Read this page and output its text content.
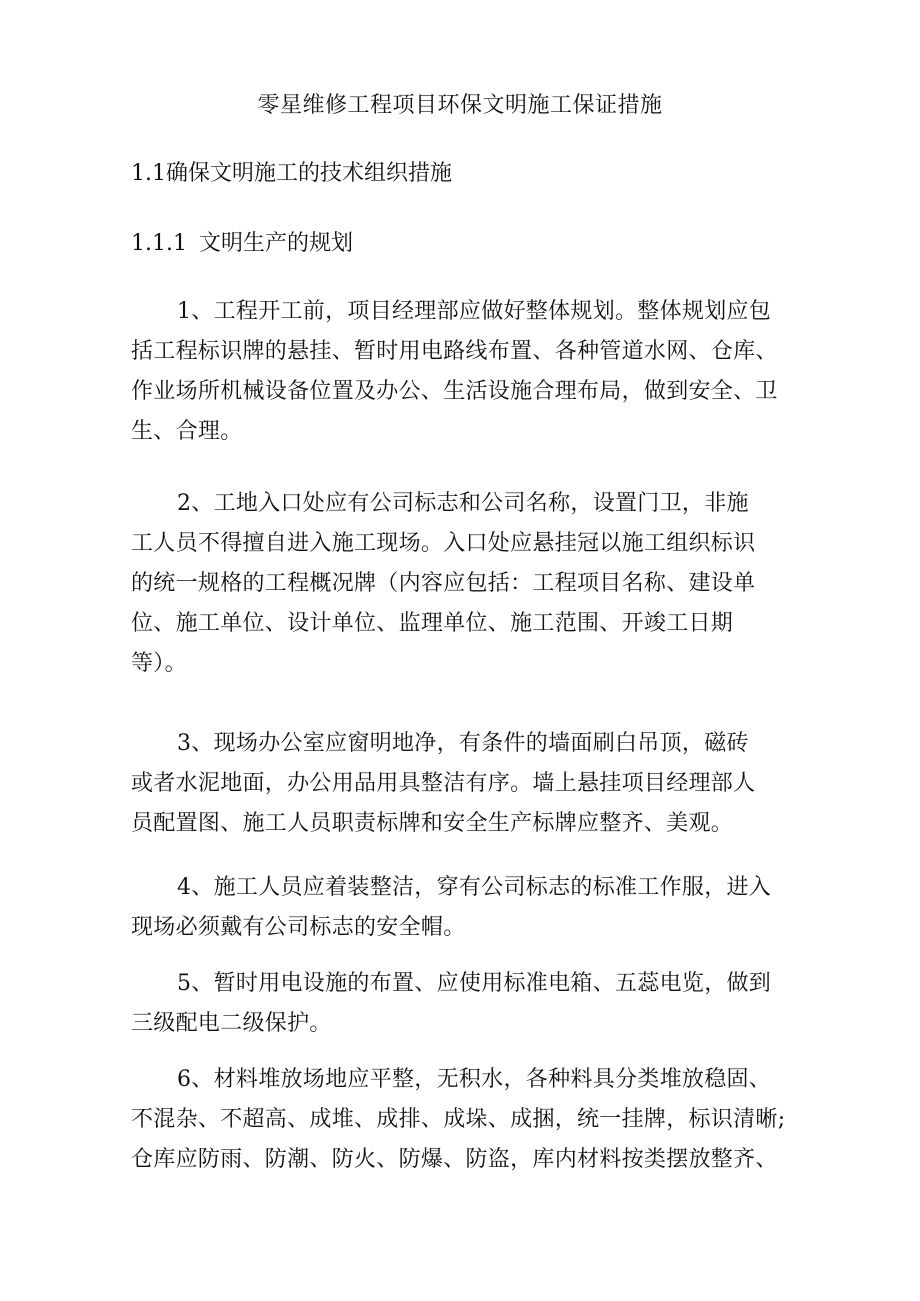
零星维修工程项目环保文明施工保证措施
1.1确保文明施工的技术组织措施
1.1.1 文明生产的规划
1、工程开工前，项目经理部应做好整体规划。整体规划应包
括工程标识牌的悬挂、暂时用电路线布置、各种管道水网、仓库、
作业场所机械设备位置及办公、生活设施合理布局，做到安全、卫
生、合理。
2、工地入口处应有公司标志和公司名称，设置门卫，非施
工人员不得擅自进入施工现场。入口处应悬挂冠以施工组织标识
的统一规格的工程概况牌（内容应包括：工程项目名称、建设单
位、施工单位、设计单位、监理单位、施工范围、开竣工日期
等）。
3、现场办公室应窗明地净，有条件的墙面刷白吊顶，磁砖
或者水泥地面，办公用品用具整洁有序。墙上悬挂项目经理部人
员配置图、施工人员职责标牌和安全生产标牌应整齐、美观。
4、施工人员应着装整洁，穿有公司标志的标准工作服，进入
现场必须戴有公司标志的安全帽。
5、暂时用电设施的布置、应使用标准电箱、五蕊电览，做到
三级配电二级保护。
6、材料堆放场地应平整，无积水，各种料具分类堆放稳固、
不混杂、不超高、成堆、成排、成垛、成捆，统一挂牌，标识清晰;
仓库应防雨、防潮、防火、防爆、防盗，库内材料按类摆放整齐、
